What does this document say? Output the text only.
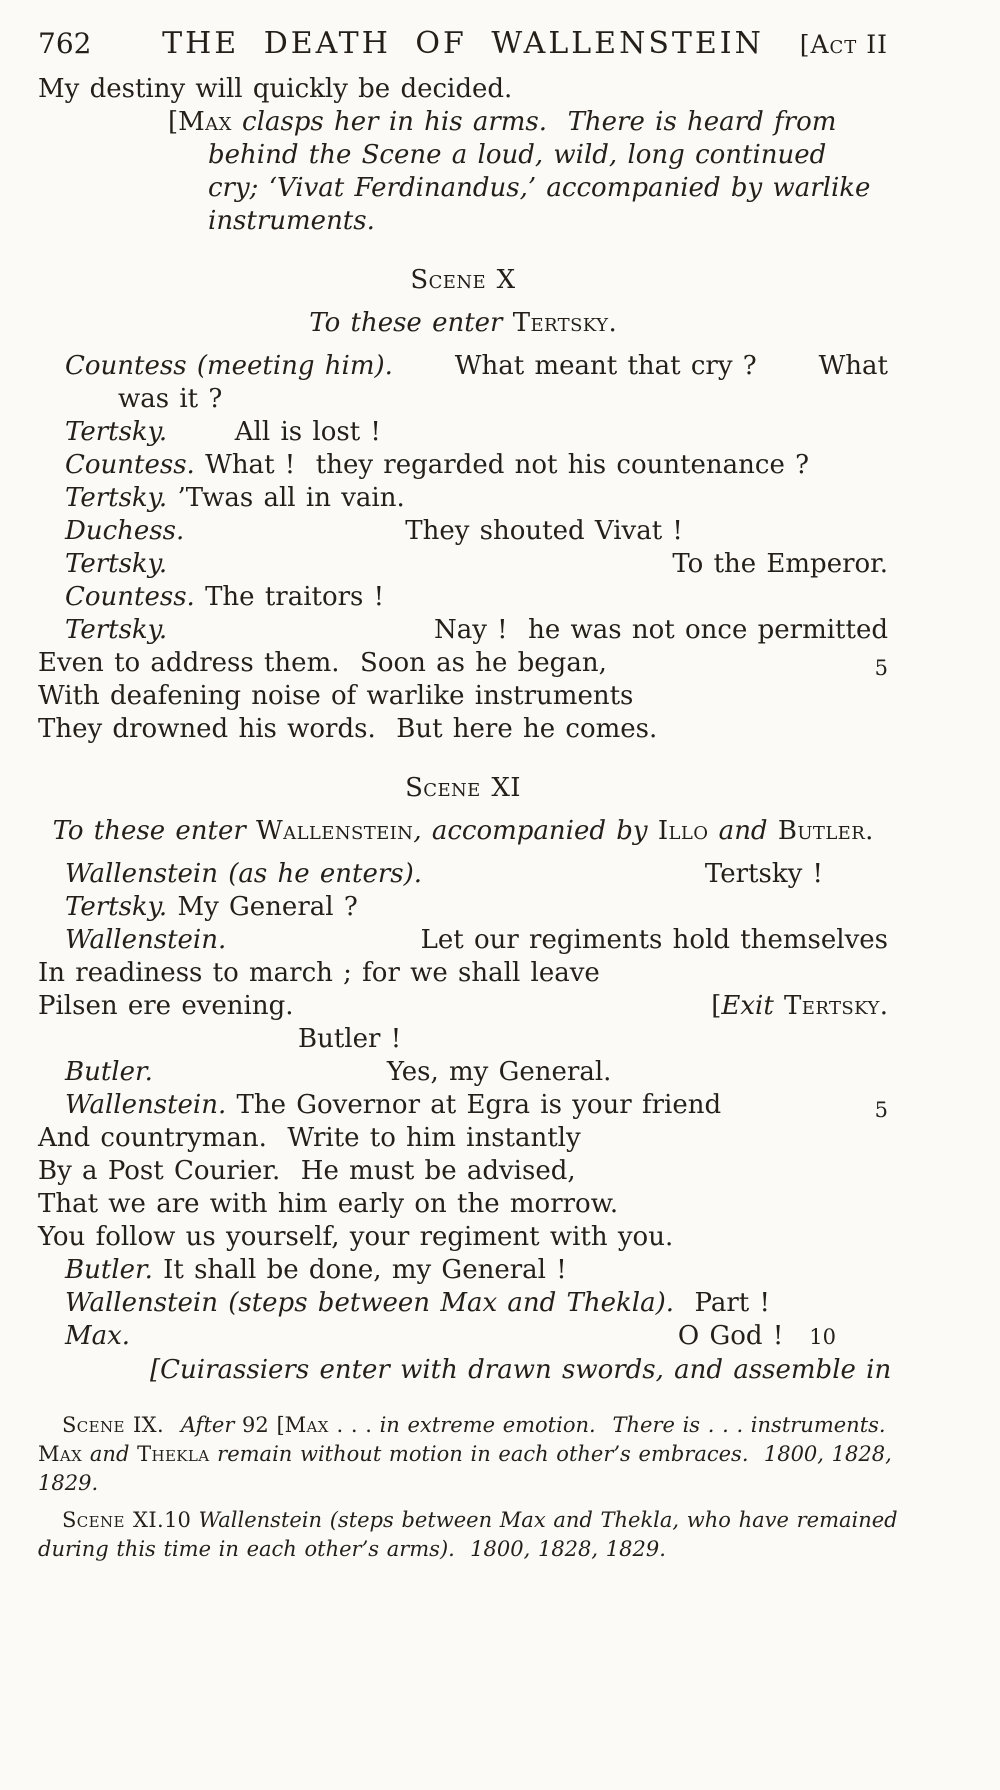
762	THE DEATH OF WALLENSTEIN	[Act II
My destiny will quickly be decided.
[ Max clasps her in his arms.  There is heard from
behind the Scene a loud, wild, long continued
cry; ‘Vivat Ferdinandus,’ accompanied by warlike
instruments.
Scene X
To these enter Tertsky .
Countess (meeting him). What meant that cry ? What
was it ?
Tertsky.	All is lost !
Countess. What !  they regarded not his countenance ?
Tertsky. ’Twas all in vain.
Duchess.	They shouted Vivat !
Tertsky.	To the Emperor.
Countess. The traitors !
Tertsky.	Nay !  he was not once permitted
Even to address them.  Soon as he began,	5
With deafening noise of warlike instruments
They drowned his words.  But here he comes.
Scene XI
To these enter Wallenstein , accompanied by Illo and Butler .
Wallenstein (as he enters).	Tertsky !
Tertsky. My General ?
Wallenstein.	Let our regiments hold themselves
In readiness to march ; for we shall leave
Pilsen ere evening.	[ Exit Tertsky .
Butler !
Butler.	Yes, my General.
Wallenstein. The Governor at Egra is your friend	5
And countryman.  Write to him instantly
By a Post Courier.  He must be advised,
That we are with him early on the morrow.
You follow us yourself, your regiment with you.
Butler. It shall be done, my General !
Wallenstein (steps between Max and Thekla). Part !
Max.	O God ! 10
[Cuirassiers enter with drawn swords, and assemble in
Scene IX. After 92 [ Max . . . in extreme emotion. There is . . . instruments.
Max and Thekla remain without motion in each other’s embraces.  1800, 1828,
1829.
Scene XI. 10 Wallenstein (steps between Max and Thekla, who have remained
during this time in each other’s arms).  1800, 1828, 1829.
